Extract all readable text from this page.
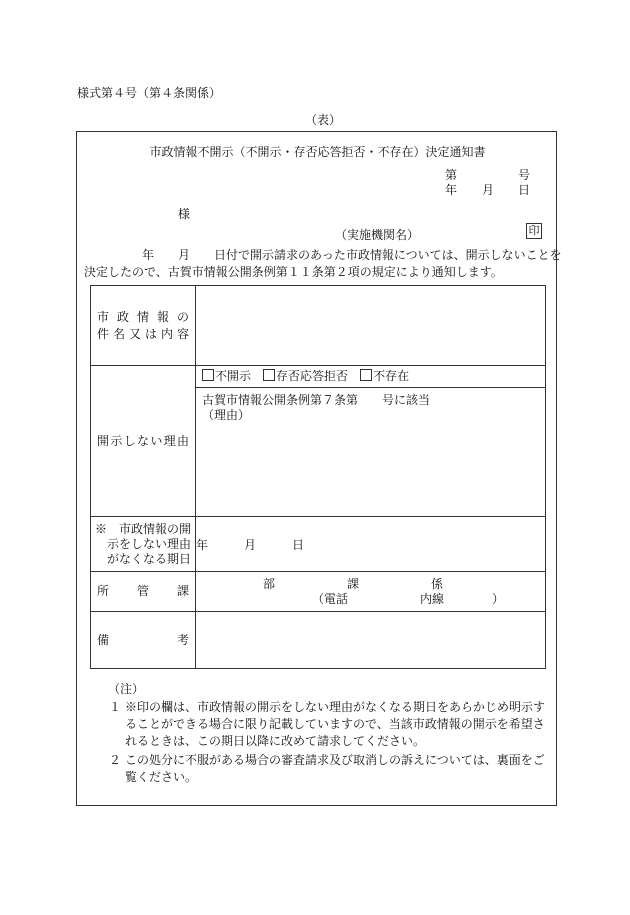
様式第４号（第４条関係）
（表）
市政情報不開示（不開示・存否応答拒否・不存在）決定通知書
第	号
年 月 日
様
（実施機関名）	印
年　　月　　日付で開示請求のあった市政情報については、開示しないことを
決定したので、古賀市情報公開条例第１１条第２項の規定により通知します。
市政情報の
件名又は内容	

開示しない理由	不開示　 存否応答拒否　 不存在
古賀市情報公開条例第７条第　　号に該当
（理由）

※　市政情報の開
示をしない理由
がなくなる期日	年　　　月　　　日

所管課	部　　　　　　課　　　　　　係
（電話　　　　　　内線　　　　）

備考	

（注）
１ ※印の欄は、市政情報の開示をしない理由がなくなる期日をあらかじめ明示することができる場合に限り記載していますので、当該市政情報の開示を希望されるときは、この期日以降に改めて請求してください。
２ この処分に不服がある場合の審査請求及び取消しの訴えについては、裏面をご覧ください。
